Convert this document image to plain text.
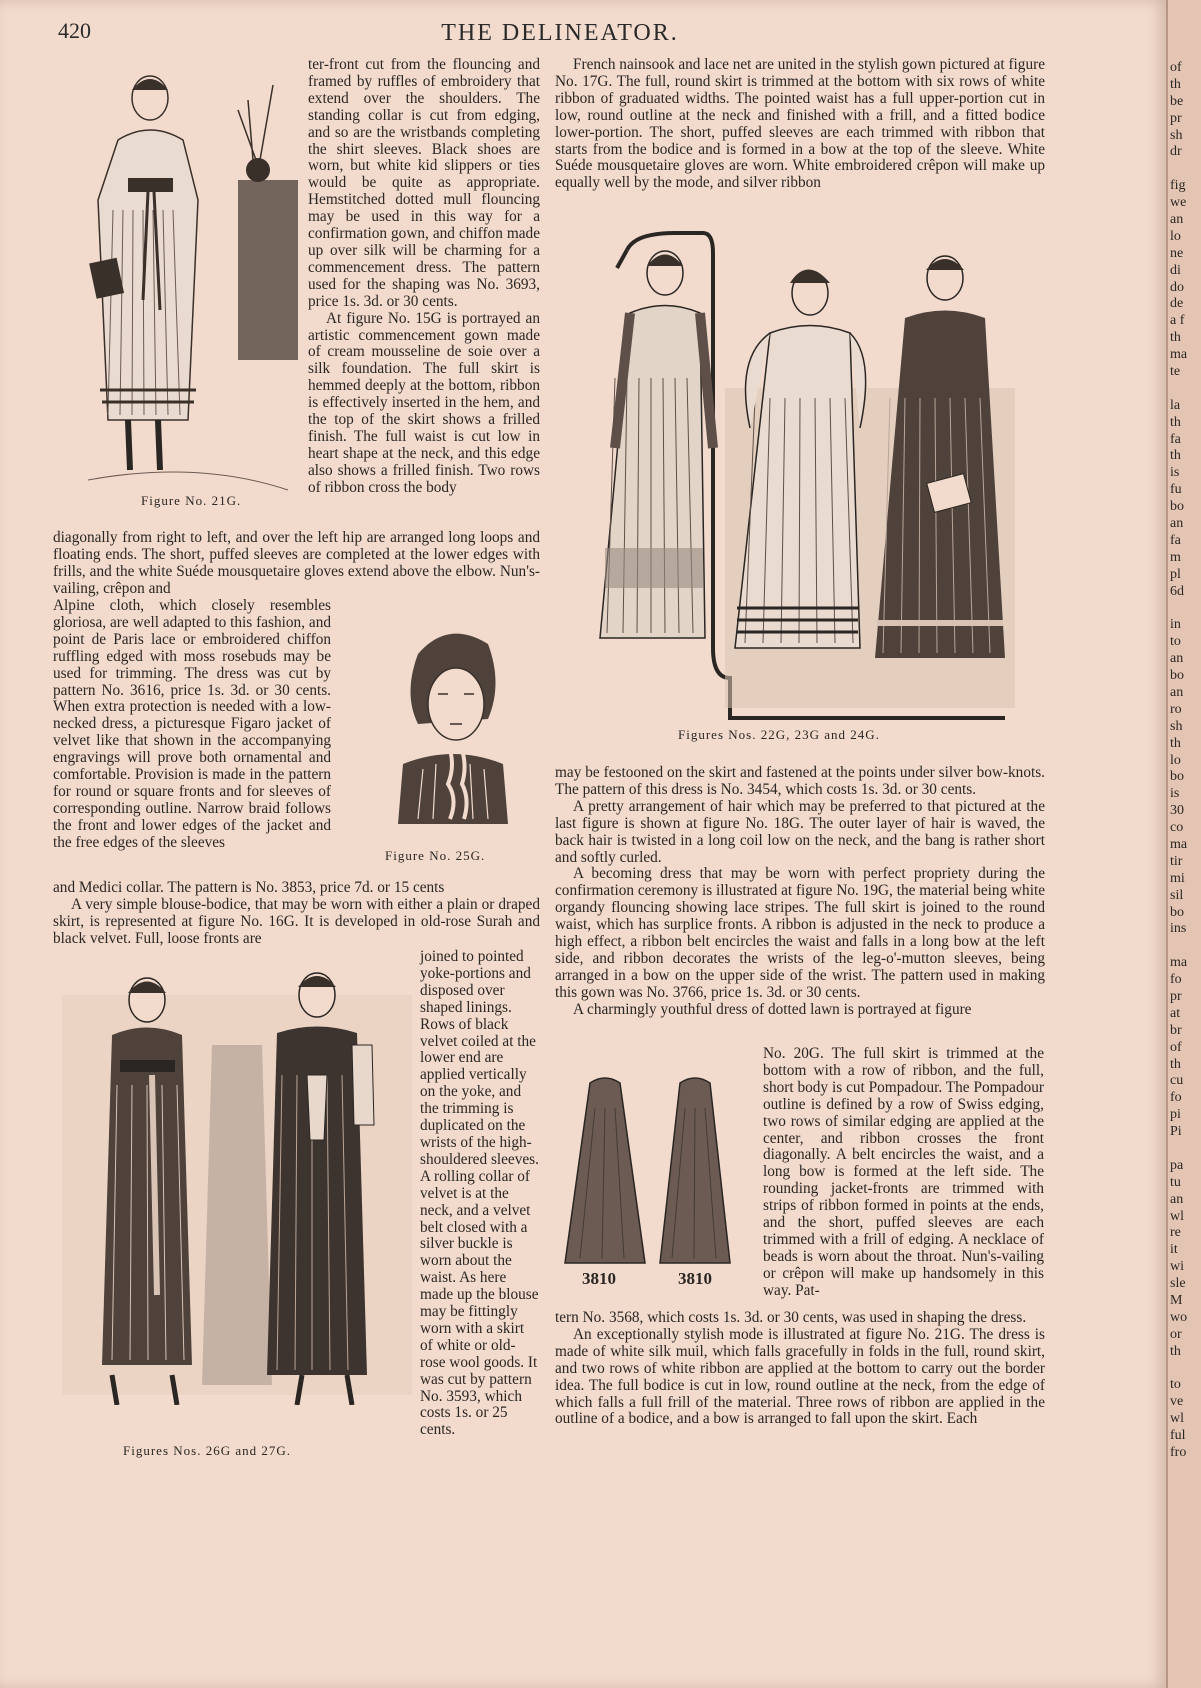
420	THE DELINEATOR.
Figure No. 21G.

ter-front cut from the flouncing and framed by ruffles of embroidery that extend over the shoulders. The standing collar is cut from edging, and so are the wristbands completing the shirt sleeves. Black shoes are worn, but white kid slippers or ties would be quite as appropriate. Hemstitched dotted mull flouncing may be used in this way for a confirmation gown, and chiffon made up over silk will be charming for a commencement dress. The pattern used for the shaping was No. 3693, price 1s. 3d. or 30 cents.

At figure No. 15G is portrayed an artistic commencement gown made of cream mousseline de soie over a silk foundation. The full skirt is hemmed deeply at the bottom, ribbon is effectively inserted in the hem, and the top of the skirt shows a frilled finish. The full waist is cut low in heart shape at the neck, and this edge also shows a frilled finish. Two rows of ribbon cross the body

diagonally from right to left, and over the left hip are arranged long loops and floating ends. The short, puffed sleeves are completed at the lower edges with frills, and the white Suéde mousquetaire gloves extend above the elbow. Nun's-vailing, crêpon and

Alpine cloth, which closely resembles gloriosa, are well adapted to this fashion, and point de Paris lace or embroidered chiffon ruffling edged with moss rosebuds may be used for trimming. The dress was cut by pattern No. 3616, price 1s. 3d. or 30 cents. When extra protection is needed with a low-necked dress, a picturesque Figaro jacket of velvet like that shown in the accompanying engravings will prove both ornamental and comfortable. Provision is made in the pattern for round or square fronts and for sleeves of corresponding outline. Narrow braid follows the front and lower edges of the jacket and the free edges of the sleeves

Figure No. 25G.

and Medici collar. The pattern is No. 3853, price 7d. or 15 cents

A very simple blouse-bodice, that may be worn with either a plain or draped skirt, is represented at figure No. 16G. It is developed in old-rose Surah and black velvet. Full, loose fronts are

Figures Nos. 26G and 27G.

joined to pointed yoke-portions and disposed over shaped linings. Rows of black velvet coiled at the lower end are applied vertically on the yoke, and the trimming is duplicated on the wrists of the high-shouldered sleeves. A rolling collar of velvet is at the neck, and a velvet belt closed with a silver buckle is worn about the waist. As here made up the blouse may be fittingly worn with a skirt of white or old-rose wool goods. It was cut by pattern No. 3593, which costs 1s. or 25 cents.

French nainsook and lace net are united in the stylish gown pictured at figure No. 17G. The full, round skirt is trimmed at the bottom with six rows of white ribbon of graduated widths. The pointed waist has a full upper-portion cut in low, round outline at the neck and finished with a frill, and a fitted bodice lower-portion. The short, puffed sleeves are each trimmed with ribbon that starts from the bodice and is formed in a bow at the top of the sleeve. White Suéde mousquetaire gloves are worn. White embroidered crêpon will make up equally well by the mode, and silver ribbon

Figures Nos. 22G, 23G and 24G.

may be festooned on the skirt and fastened at the points under silver bow-knots. The pattern of this dress is No. 3454, which costs 1s. 3d. or 30 cents.

A pretty arrangement of hair which may be preferred to that pictured at the last figure is shown at figure No. 18G. The outer layer of hair is waved, the back hair is twisted in a long coil low on the neck, and the bang is rather short and softly curled.

A becoming dress that may be worn with perfect propriety during the confirmation ceremony is illustrated at figure No. 19G, the material being white organdy flouncing showing lace stripes. The full skirt is joined to the round waist, which has surplice fronts. A ribbon is adjusted in the neck to produce a high effect, a ribbon belt encircles the waist and falls in a long bow at the left side, and ribbon decorates the wrists of the leg-o'-mutton sleeves, being arranged in a bow on the upper side of the wrist. The pattern used in making this gown was No. 3766, price 1s. 3d. or 30 cents.

A charmingly youthful dress of dotted lawn is portrayed at figure

3810	3810

No. 20G. The full skirt is trimmed at the bottom with a row of ribbon, and the full, short body is cut Pompadour. The Pompadour outline is defined by a row of Swiss edging, two rows of similar edging are applied at the center, and ribbon crosses the front diagonally. A belt encircles the waist, and a long bow is formed at the left side. The rounding jacket-fronts are trimmed with strips of ribbon formed in points at the ends, and the short, puffed sleeves are each trimmed with a frill of edging. A necklace of beads is worn about the throat. Nun's-vailing or crêpon will make up handsomely in this way. Pat-

tern No. 3568, which costs 1s. 3d. or 30 cents, was used in shaping the dress.

An exceptionally stylish mode is illustrated at figure No. 21G. The dress is made of white silk muil, which falls gracefully in folds in the full, round skirt, and two rows of white ribbon are applied at the bottom to carry out the border idea. The full bodice is cut in low, round outline at the neck, from the edge of which falls a full frill of the material. Three rows of ribbon are applied in the outline of a bodice, and a bow is arranged to fall upon the skirt. Each

of
th
be
pr
sh
dr
fig
we
an
lo
ne
di
do
de
a f
th
ma
te
la
th
fa
th
is
fu
bo
an
fa
m
pl
6d
in
to
an
bo
an
ro
sh
th
lo
bo
is
30
co
ma
tir
mi
sil
bo
ins
ma
fo
pr
at
br
of
th
cu
fo
pi
Pi
pa
tu
an
wl
re
it
wi
sle
M
wo
or
th
to
ve
wl
ful
fro
